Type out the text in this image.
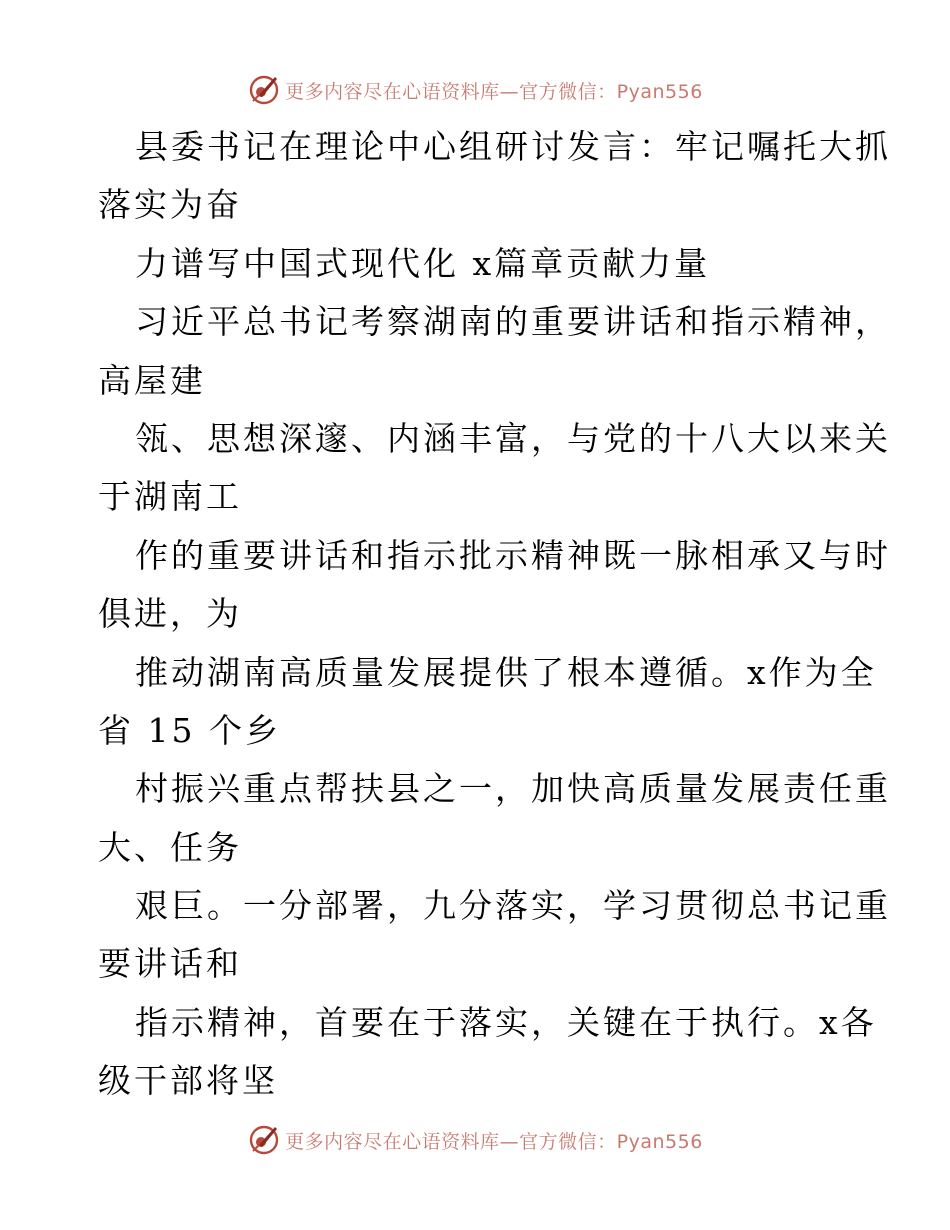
更多内容尽在心语资料库—官方微信：Pyan556
县委书记在理论中心组研讨发言：牢记嘱托大抓
落实为奋
力谱写中国式现代化 x篇章贡献力量
习近平总书记考察湖南的重要讲话和指示精神，
高屋建
瓴、思想深邃、内涵丰富，与党的十八大以来关
于湖南工
作的重要讲话和指示批示精神既一脉相承又与时
俱进，为
推动湖南高质量发展提供了根本遵循。x作为全
省 15 个乡
村振兴重点帮扶县之一，加快高质量发展责任重
大、任务
艰巨。一分部署，九分落实，学习贯彻总书记重
要讲话和
指示精神，首要在于落实，关键在于执行。x各
级干部将坚
更多内容尽在心语资料库—官方微信：Pyan556
